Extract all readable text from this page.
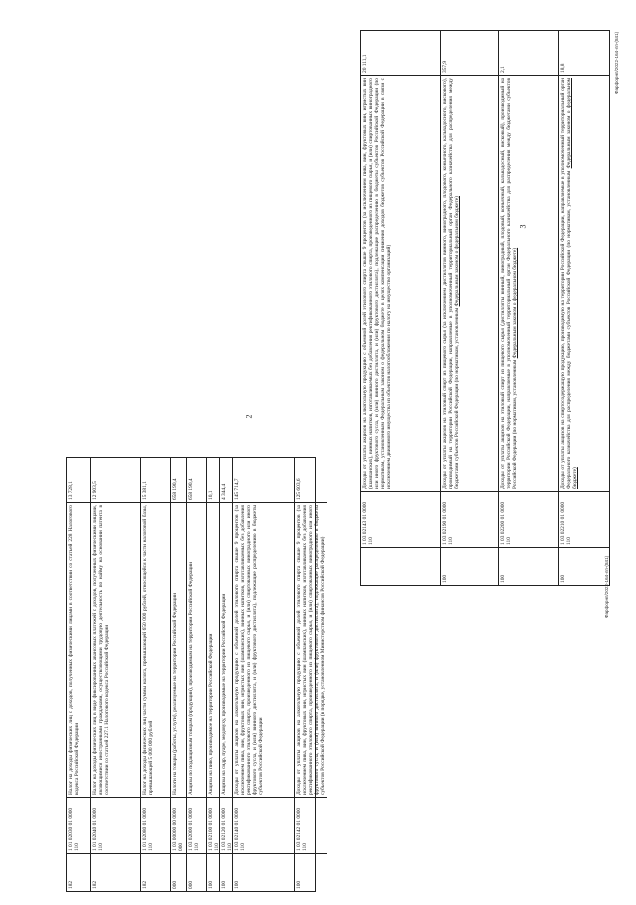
2
3
182
1 01 02030 01 0000 110
Налог на доходы физических лиц с доходов, полученных физическими лицами в соответствии со статьей 228 Налогового кодекса Российской Федерации
13 728,1
182
1 01 02040 01 0000 110
Налог на доходы физических лиц в виде фиксированных авансовых платежей с доходов, полученных физическими лицами, являющимися иностранными гражданами, осуществляющими трудовую деятельность по найму на основании патента в соответствии со статьей 227.1 Налогового кодекса Российской Федерации
12 903,5
182
1 01 02080 01 0000 110
Налог на доходы физических лиц части суммы налога, превышающей 650 000 рублей, относящейся к части налоговой базы, превышающей 5 000 000 рублей
15 381,1
000
1 03 00000 00 0000 000
Налоги на товары (работы, услуги), реализуемые на территории Российской Федерации
658 190,4
000
1 03 02000 01 0000 110
Акцизы по подакцизным товарам (продукции), производимым на территории Российской Федерации
658 190,4
100
1 03 02100 01 0000 110
Акцизы на пиво, производимое на территории Российской Федерации
10,1
100
1 03 02120 01 0000 110
Акцизы на сидр, пуаре, медовуху, производимые на территории Российской Федерации
4 344,4
100
1 03 02140 01 0000 110
Доходы от уплаты акцизов на алкогольную продукцию с объемной долей этилового спирта свыше 9 процентов (за исключением пива, вин, фруктовых вин, игристых вин (шампанских), винных напитков, изготавливаемых без добавления ректификованного этилового спирта, произведенного из пищевого сырья, и (или) спиртованных виноградного или иного фруктового сусла, и (или) винного дистиллята, и (или) фруктового дистиллята), подлежащие распределению в бюджеты субъектов Российской Федерации
145 714,7
100
1 03 02142 01 0000 110
Доходы от уплаты акцизов на алкогольную продукцию с объемной долей этилового спирта свыше 9 процентов (за исключением пива, вин, фруктовых вин, игристых вин (шампанских), винных напитков, изготавливаемых без добавления ректификованного этилового спирта, произведенного из пищевого сырья, и (или) спиртованных виноградного или иного фруктового сусла, и (или) винного дистиллята, и (или) фруктового дистиллята), подлежащие распределению в бюджеты субъектов Российской Федерации (в порядке, установленном Министерством финансов Российской Федерации)
125 603,6
1 03 02143 01 0000 110
Доходы от уплаты акцизов на алкогольную продукцию с объемной долей этилового спирта свыше 9 процентов (за исключением пива, вин, фруктовых вин, игристых вин (шампанских), винных напитков, изготавливаемых без добавления ректификованного этилового спирта, произведенного из пищевого сырья, и (или) спиртованных виноградного или иного фруктового сусла, и (или) винного дистиллята, и (или) фруктового дистиллята), подлежащие распределению в бюджеты субъектов Российской Федерации (по нормативам, установленным Федеральным законом о федеральном бюджете в целях компенсации снижения доходов бюджетов субъектов Российской Федерации в связи с исключением движимого имущества из объектов налогообложения по налогу на имущество организаций)
20 111,1
100
1 03 02190 01 0000 110
Доходы от уплаты акцизов на этиловый спирт из пищевого сырья (за исключением дистиллятов винного, виноградного, плодового, коньячного, кальвадосного, вискового), производимый на территории Российской Федерации, направляемые в уполномоченный территориальный орган Федерального казначейства для распределения между бюджетами субъектов Российской Федерации (по нормативам, установленным Федеральным законом о федеральном бюджете)
357,9
100
1 03 02200 01 0000 110
Доходы от уплаты акцизов на этиловый спирт из пищевого сырья (дистилляты винный, виноградный, плодовый, коньячный, кальвадосный, висковый), производимый на территории Российской Федерации, направляемые в уполномоченный территориальный орган Федерального казначейства для распределения между бюджетами субъектов Российской Федерации (по нормативам, установленным Федеральным законом о федеральном бюджете)
2,1
100
1 03 02210 01 0000 110
Доходы от уплаты акцизов на спиртосодержащую продукцию, производимую на территории Российской Федерации, направляемые в уполномоченный территориальный орган Федерального казначейства для распределения между бюджетами субъектов Российской Федерации (по нормативам, установленным Федеральным законом о федеральном бюджете)
18,8
Фарфорнп/2022-164-лп-(841)
Фарфорнп/2022-164-лп-(841)
